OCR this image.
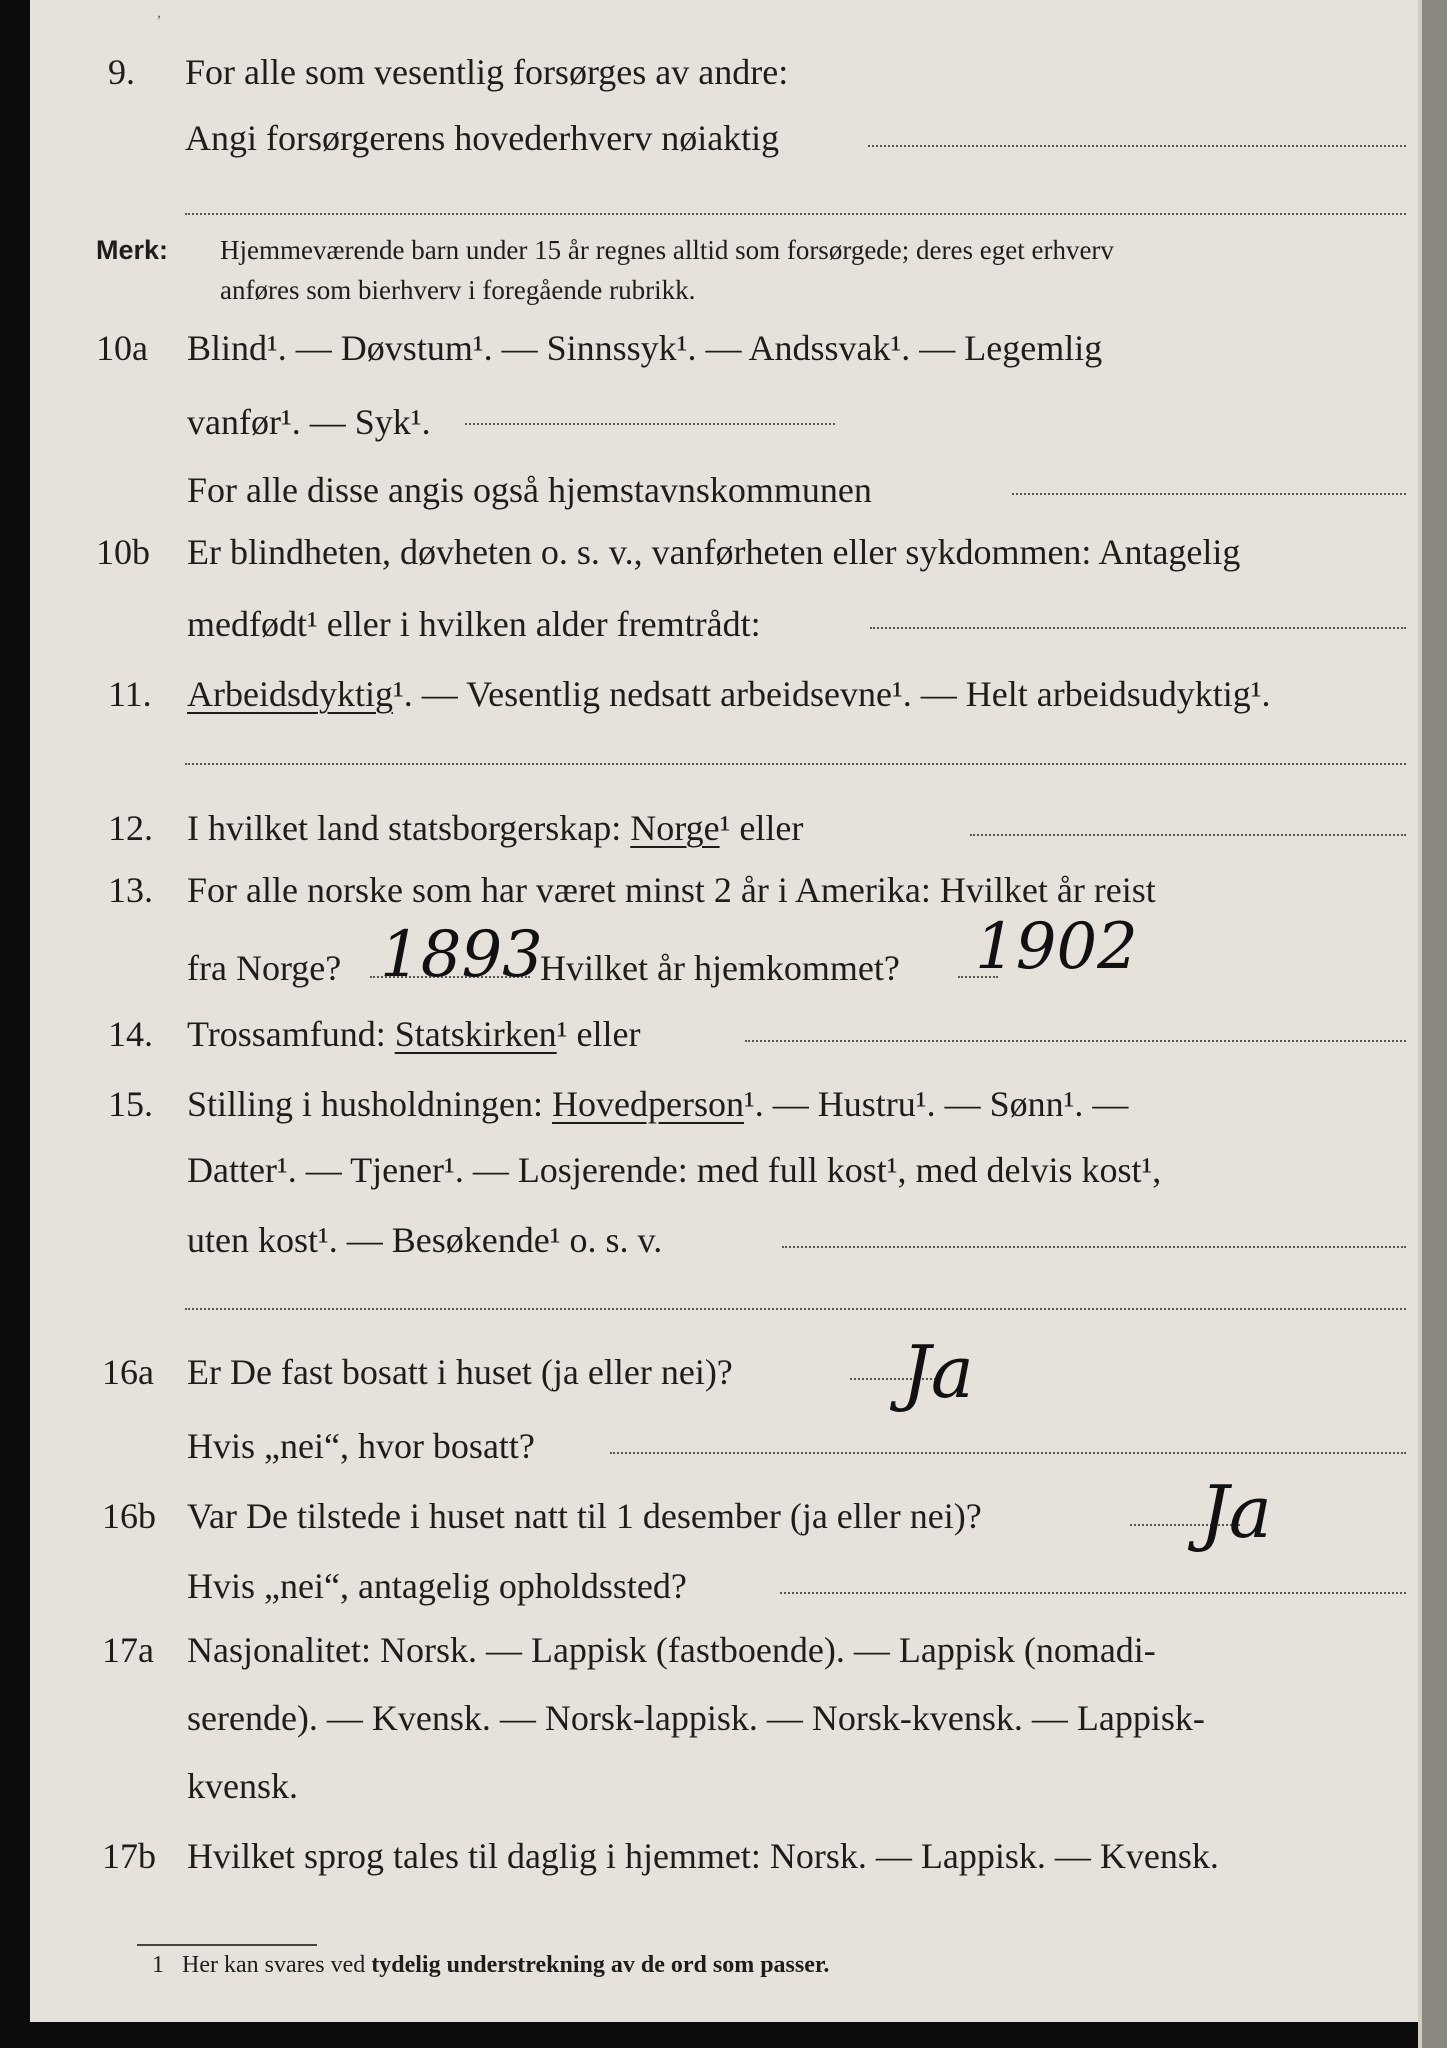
,
9. For alle som vesentlig forsørges av andre:
Angi forsørgerens hovederhverv nøiaktig
Merk: Hjemmeværende barn under 15 år regnes alltid som forsørgede; deres eget erhverv
anføres som bierhverv i foregående rubrikk.
10a Blind¹. — Døvstum¹. — Sinnssyk¹. — Andssvak¹. — Legemlig
vanfør¹. — Syk¹.
For alle disse angis også hjemstavnskommunen
10b Er blindheten, døvheten o. s. v., vanførheten eller sykdommen: Antagelig
medfødt¹ eller i hvilken alder fremtrådt:
11. Arbeidsdyktig¹. — Vesentlig nedsatt arbeidsevne¹. — Helt arbeidsudyktig¹.
12. I hvilket land statsborgerskap: Norge¹ eller
13. For alle norske som har været minst 2 år i Amerika: Hvilket år reist
fra Norge?	Hvilket år hjemkommet?
1893	1902
14. Trossamfund: Statskirken¹ eller
15. Stilling i husholdningen: Hovedperson¹. — Hustru¹. — Sønn¹. —
Datter¹. — Tjener¹. — Losjerende: med full kost¹, med delvis kost¹,
uten kost¹. — Besøkende¹ o. s. v.
16a Er De fast bosatt i huset (ja eller nei)? Ja
Hvis „nei“, hvor bosatt?
16b Var De tilstede i huset natt til 1 desember (ja eller nei)?	Ja
Hvis „nei“, antagelig opholdssted?
17a Nasjonalitet: Norsk. — Lappisk (fastboende). — Lappisk (nomadi-
serende). — Kvensk. — Norsk-lappisk. — Norsk-kvensk. — Lappisk-
kvensk.
17b Hvilket sprog tales til daglig i hjemmet: Norsk. — Lappisk. — Kvensk.
1 Her kan svares ved tydelig understrekning av de ord som passer.
